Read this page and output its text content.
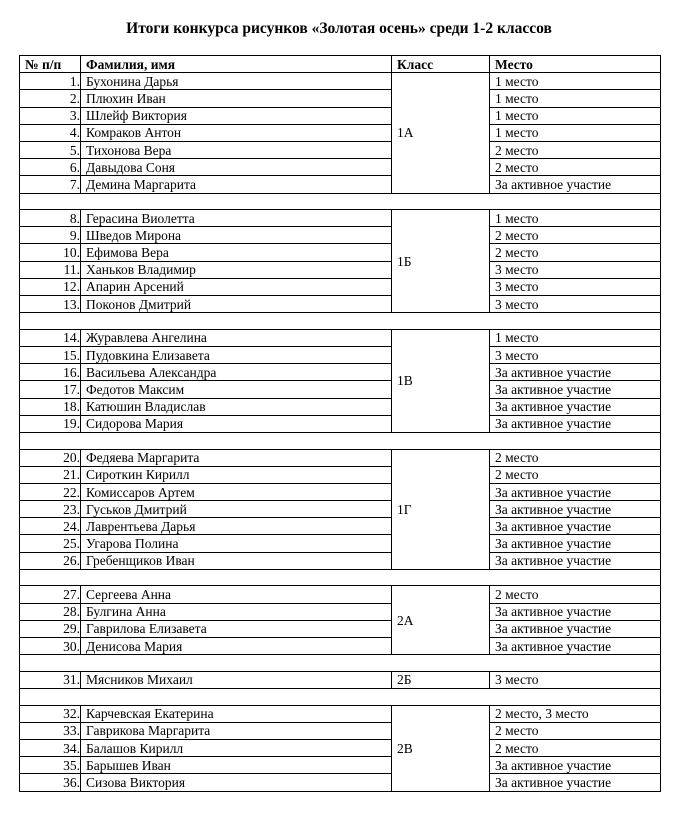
Итоги конкурса рисунков «Золотая осень» среди 1-2 классов
№ п/п	Фамилия, имя	Класс	Место
1.	Бухонина Дарья	1А	1 место
2.	Плюхин Иван		1 место
3.	Шлейф Виктория		1 место
4.	Комраков Антон		1 место
5.	Тихонова Вера		2 место
6.	Давыдова Соня		2 место
7.	Демина Маргарита		За активное участие

8.	Герасина Виолетта	1Б	1 место
9.	Шведов Мирона		2 место
10.	Ефимова Вера		2 место
11.	Ханьков Владимир		3 место
12.	Апарин Арсений		3 место
13.	Поконов Дмитрий		3 место

14.	Журавлева Ангелина	1В	1 место
15.	Пудовкина Елизавета		3 место
16.	Васильева Александра		За активное участие
17.	Федотов Максим		За активное участие
18.	Катюшин Владислав		За активное участие
19.	Сидорова Мария		За активное участие

20.	Федяева Маргарита	1Г	2 место
21.	Сироткин Кирилл		2 место
22.	Комиссаров Артем		За активное участие
23.	Гуськов Дмитрий		За активное участие
24.	Лаврентьева Дарья		За активное участие
25.	Угарова Полина		За активное участие
26.	Гребенщиков Иван		За активное участие

27.	Сергеева Анна	2А	2 место
28.	Булгина Анна		За активное участие
29.	Гаврилова Елизавета		За активное участие
30.	Денисова Мария		За активное участие

31.	Мясников Михаил	2Б	3 место

32.	Карчевская Екатерина	2В	2 место, 3 место
33.	Гаврикова Маргарита		2 место
34.	Балашов Кирилл		2 место
35.	Барышев Иван		За активное участие
36.	Сизова Виктория		За активное участие
